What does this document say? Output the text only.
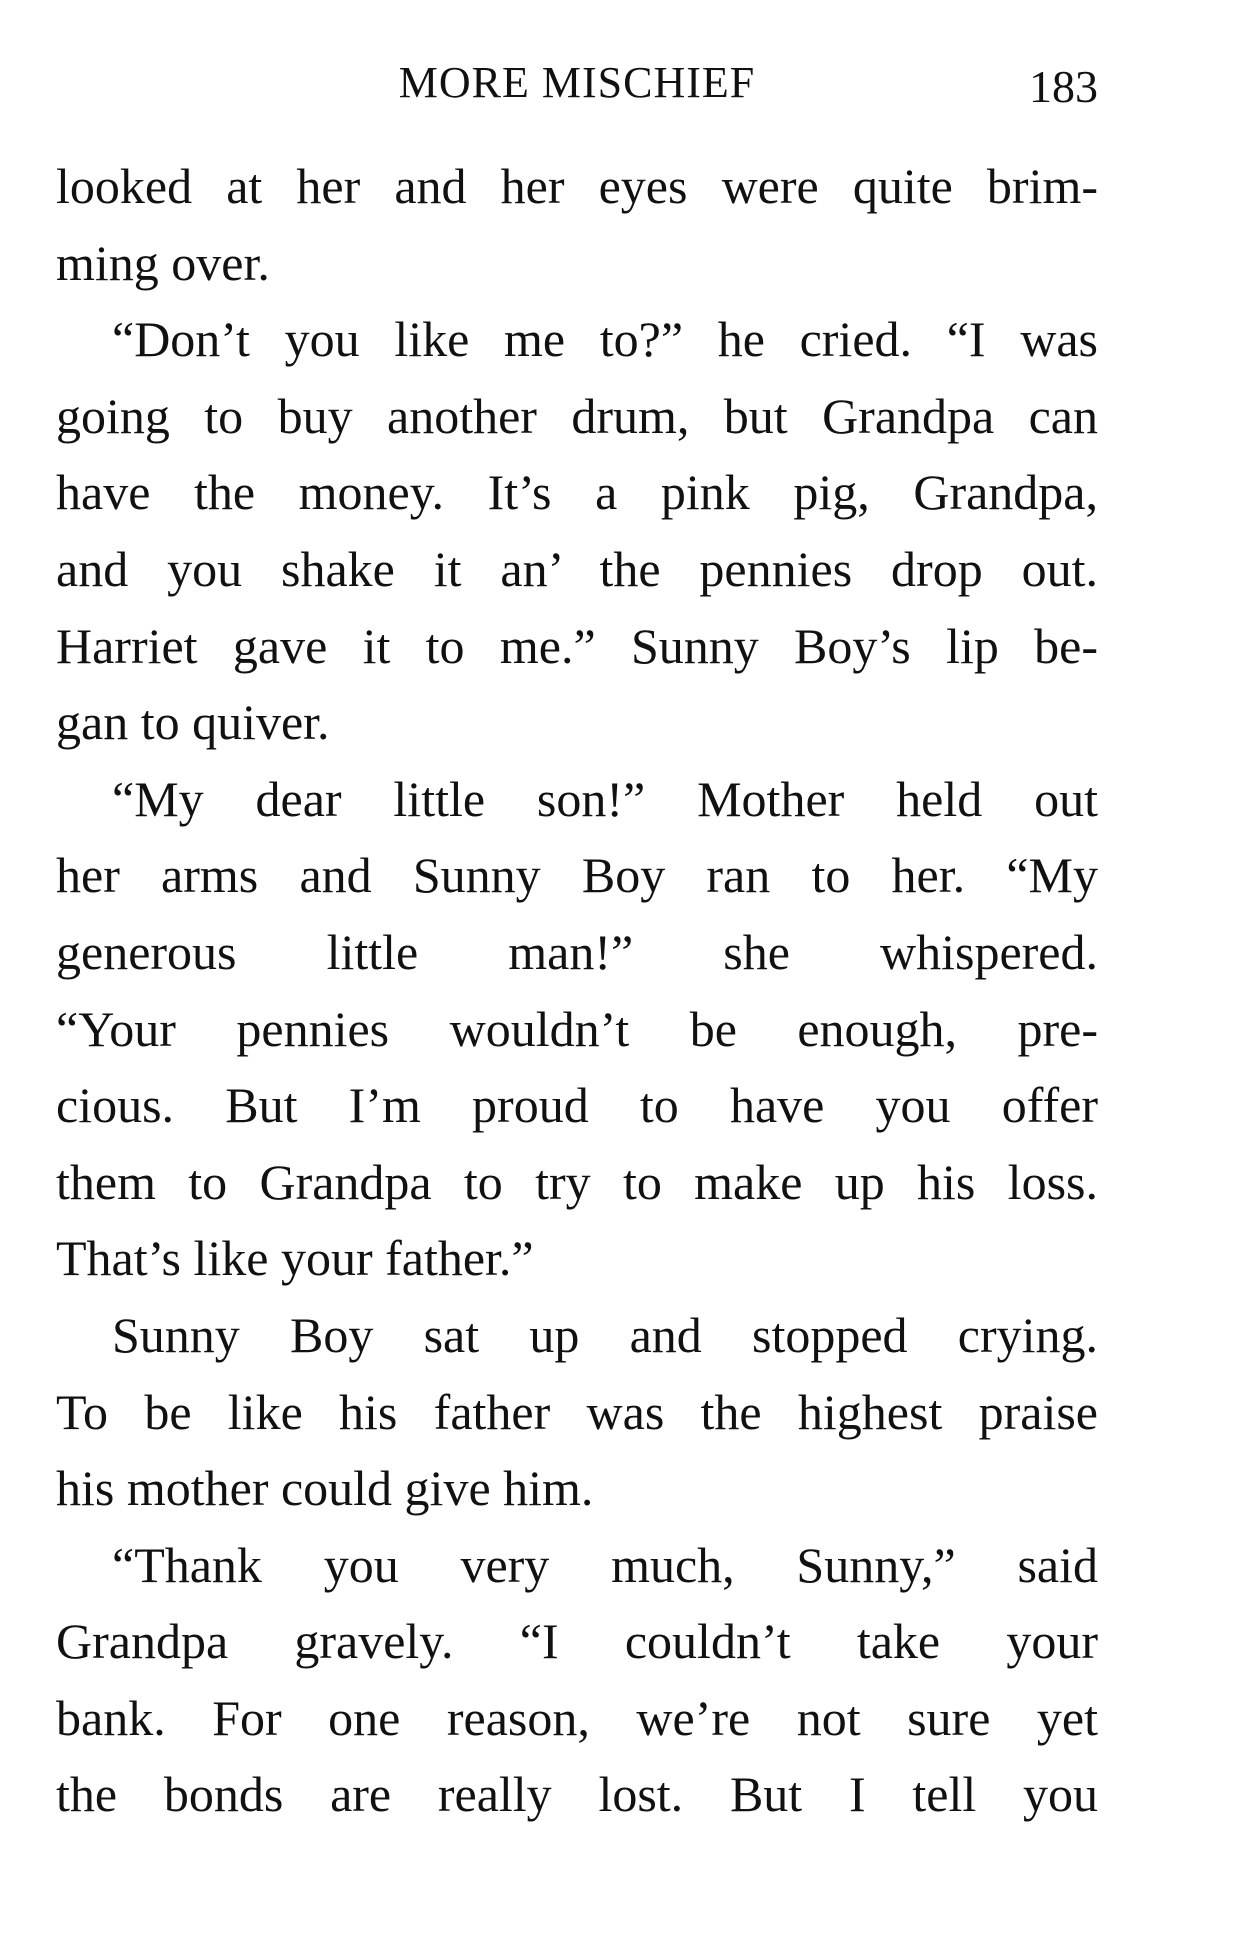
MORE MISCHIEF	183
looked at her and her eyes were quite brim-
ming over.
“Don’t you like me to?” he cried. “I was
going to buy another drum, but Grandpa can
have the money. It’s a pink pig, Grandpa,
and you shake it an’ the pennies drop out.
Harriet gave it to me.” Sunny Boy’s lip be-
gan to quiver.
“My dear little son!” Mother held out
her arms and Sunny Boy ran to her. “My
generous little man!” she whispered.
“Your pennies wouldn’t be enough, pre-
cious. But I’m proud to have you offer
them to Grandpa to try to make up his loss.
That’s like your father.”
Sunny Boy sat up and stopped crying.
To be like his father was the highest praise
his mother could give him.
“Thank you very much, Sunny,” said
Grandpa gravely. “I couldn’t take your
bank. For one reason, we’re not sure yet
the bonds are really lost. But I tell you
